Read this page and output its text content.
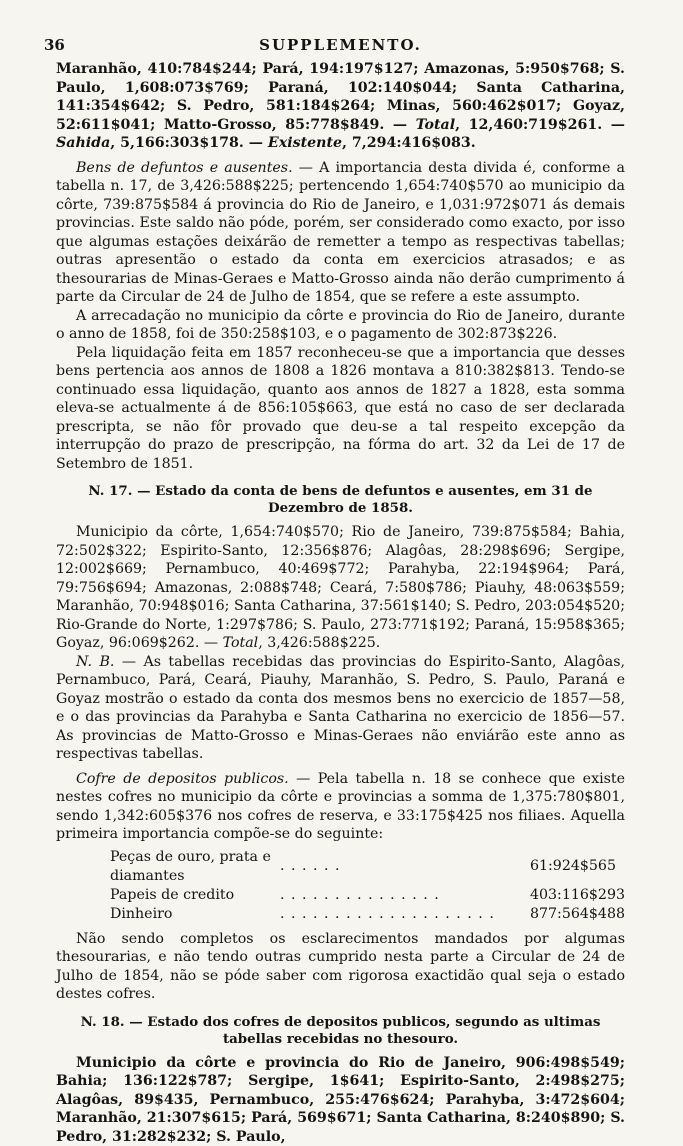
36	SUPPLEMENTO.

Maranhão, 410:784$244; Pará, 194:197$127; Amazonas, 5:950$768; S. Paulo, 1,608:073$769; Paraná, 102:140$044; Santa Catharina, 141:354$642; S. Pedro, 581:184$264; Minas, 560:462$017; Goyaz, 52:611$041; Matto-Grosso, 85:778$849. — Total, 12,460:719$261. — Sahida, 5,166:303$178. — Existente, 7,294:416$083.

Bens de defuntos e ausentes. — A importancia desta divida é, conforme a tabella n. 17, de 3,426:588$225; pertencendo 1,654:740$570 ao municipio da côrte, 739:875$584 á provincia do Rio de Janeiro, e 1,031:972$071 ás demais provincias. Este saldo não póde, porém, ser considerado como exacto, por isso que algumas estações deixárão de remetter a tempo as respectivas tabellas; outras apresentão o estado da conta em exercicios atrasados; e as thesourarias de Minas-Geraes e Matto-Grosso ainda não derão cumprimento á parte da Circular de 24 de Julho de 1854, que se refere a este assumpto.

A arrecadação no municipio da côrte e provincia do Rio de Janeiro, durante o anno de 1858, foi de 350:258$103, e o pagamento de 302:873$226.

Pela liquidação feita em 1857 reconheceu-se que a importancia que desses bens pertencia aos annos de 1808 a 1826 montava a 810:382$813. Tendo-se continuado essa liquidação, quanto aos annos de 1827 a 1828, esta somma eleva-se actualmente á de 856:105$663, que está no caso de ser declarada prescripta, se não fôr provado que deu-se a tal respeito excepção da interrupção do prazo de prescripção, na fórma do art. 32 da Lei de 17 de Setembro de 1851.

N. 17. — Estado da conta de bens de defuntos e ausentes, em 31 de Dezembro de 1858.

Municipio da côrte, 1,654:740$570; Rio de Janeiro, 739:875$584; Bahia, 72:502$322; Espirito-Santo, 12:356$876; Alagôas, 28:298$696; Sergipe, 12:002$669; Pernambuco, 40:469$772; Parahyba, 22:194$964; Pará, 79:756$694; Amazonas, 2:088$748; Ceará, 7:580$786; Piauhy, 48:063$559; Maranhão, 70:948$016; Santa Catharina, 37:561$140; S. Pedro, 203:054$520; Rio-Grande do Norte, 1:297$786; S. Paulo, 273:771$192; Paraná, 15:958$365; Goyaz, 96:069$262. — Total, 3,426:588$225.

N. B. — As tabellas recebidas das provincias do Espirito-Santo, Alagôas, Pernambuco, Pará, Ceará, Piauhy, Maranhão, S. Pedro, S. Paulo, Paraná e Goyaz mostrão o estado da conta dos mesmos bens no exercicio de 1857—58, e o das provincias da Parahyba e Santa Catharina no exercicio de 1856—57. As provincias de Matto-Grosso e Minas-Geraes não enviárão este anno as respectivas tabellas.

Cofre de depositos publicos. — Pela tabella n. 18 se conhece que existe nestes cofres no municipio da côrte e provincias a somma de 1,375:780$801, sendo 1,342:605$376 nos cofres de reserva, e 33:175$425 nos filiaes. Aquella primeira importancia compõe-se do seguinte:

Peças de ouro, prata e diamantes	. . . . . .	61:924$565
Papeis de credito	. . . . . . . . . . . . . . .	403:116$293
Dinheiro	. . . . . . . . . . . . . . . . . . . .	877:564$488

Não sendo completos os esclarecimentos mandados por algumas thesourarias, e não tendo outras cumprido nesta parte a Circular de 24 de Julho de 1854, não se póde saber com rigorosa exactidão qual seja o estado destes cofres.

N. 18. — Estado dos cofres de depositos publicos, segundo as ultimas tabellas recebidas no thesouro.

Municipio da côrte e provincia do Rio de Janeiro, 906:498$549; Bahia; 136:122$787; Sergipe, 1$641; Espirito-Santo, 2:498$275; Alagôas, 89$435, Pernambuco, 255:476$624; Parahyba, 3:472$604; Maranhão, 21:307$615; Pará, 569$671; Santa Catharina, 8:240$890; S. Pedro, 31:282$232; S. Paulo,
